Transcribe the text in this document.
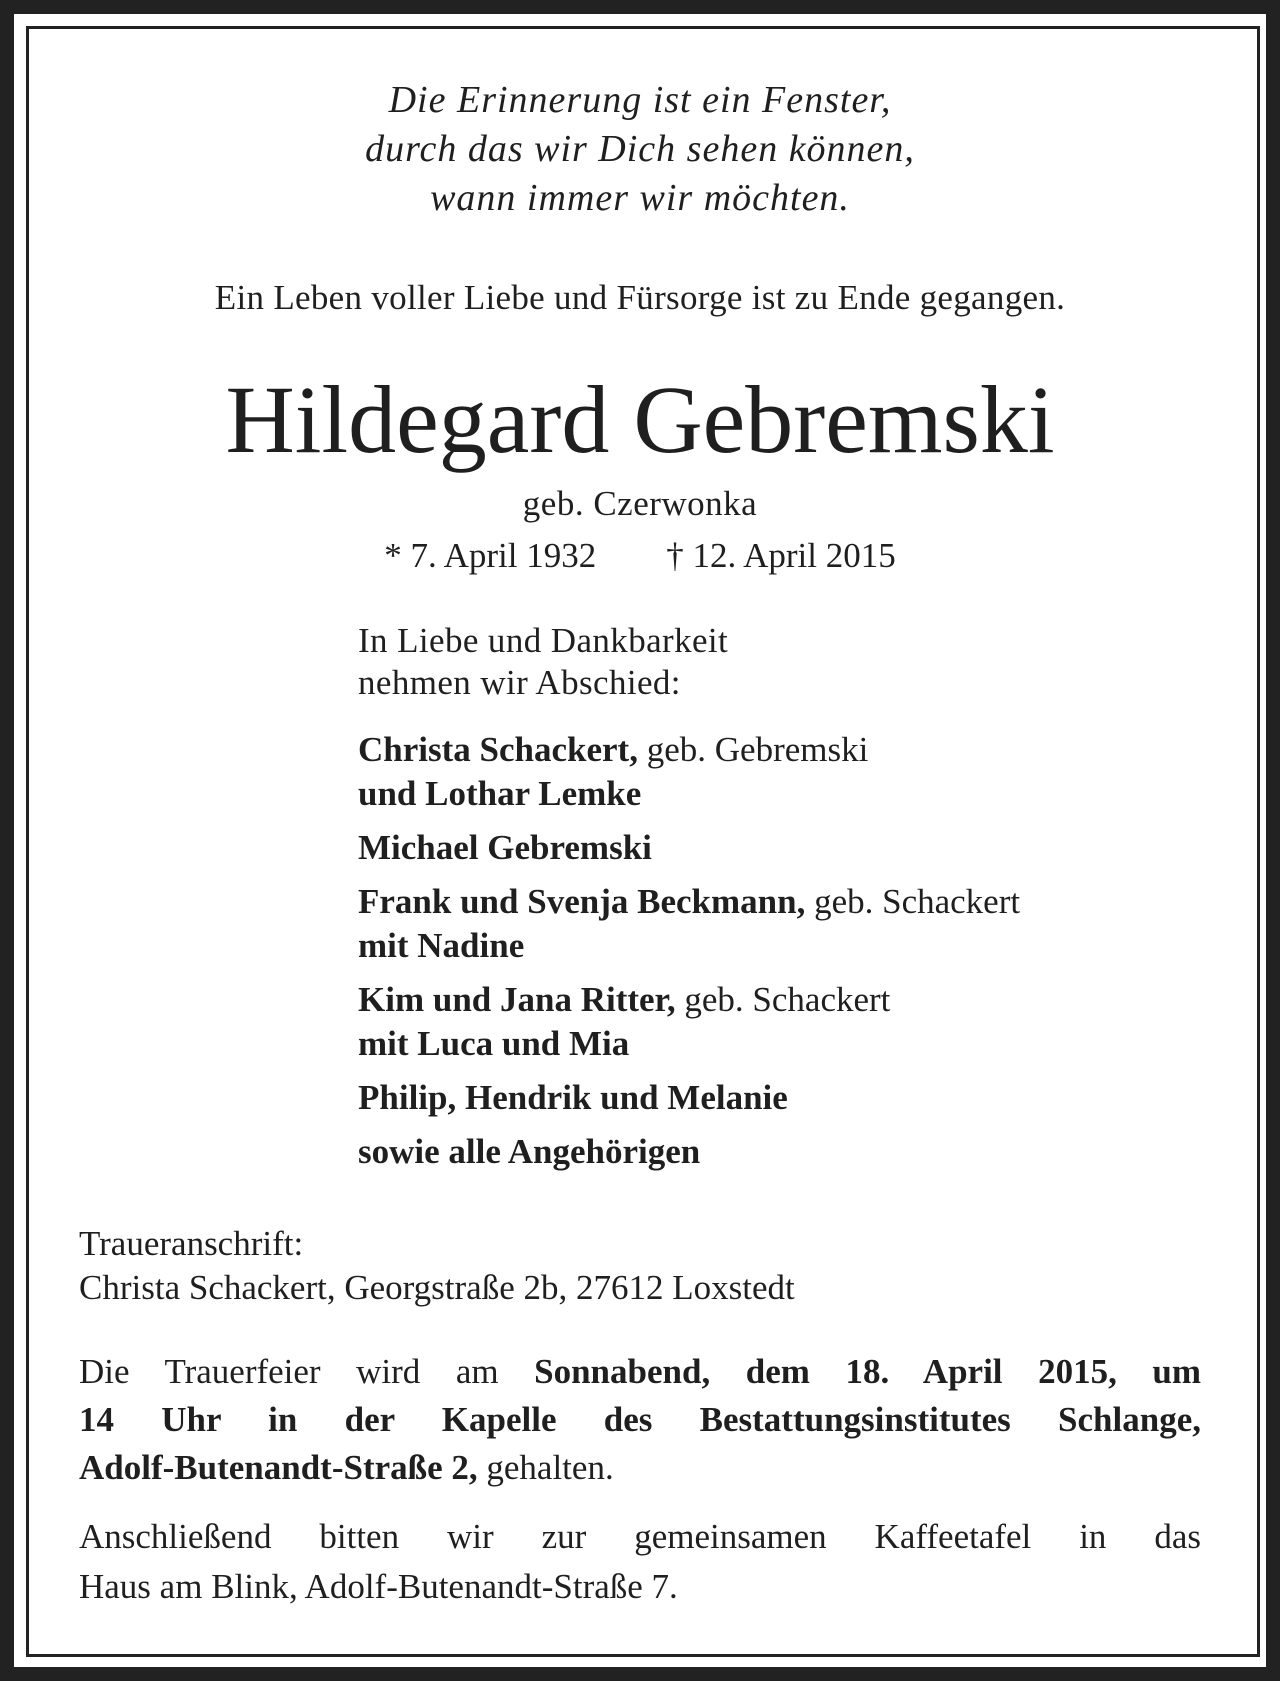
Die Erinnerung ist ein Fenster,
durch das wir Dich sehen können,
wann immer wir möchten.
Ein Leben voller Liebe und Fürsorge ist zu Ende gegangen.
Hildegard Gebremski
geb. Czerwonka
* 7. April 1932 † 12. April 2015
In Liebe und Dankbarkeit
nehmen wir Abschied:
Christa Schackert, geb. Gebremski
und Lothar Lemke
Michael Gebremski
Frank und Svenja Beckmann, geb. Schackert
mit Nadine
Kim und Jana Ritter, geb. Schackert
mit Luca und Mia
Philip, Hendrik und Melanie
sowie alle Angehörigen
Traueranschrift:
Christa Schackert, Georgstraße 2b, 27612 Loxstedt
Die Trauerfeier wird am Sonnabend, dem 18. April 2015, um
14 Uhr in der Kapelle des Bestattungsinstitutes Schlange,
Adolf-Butenandt-Straße 2, gehalten.
Anschließend bitten wir zur gemeinsamen Kaffeetafel in das
Haus am Blink, Adolf-Butenandt-Straße 7.
